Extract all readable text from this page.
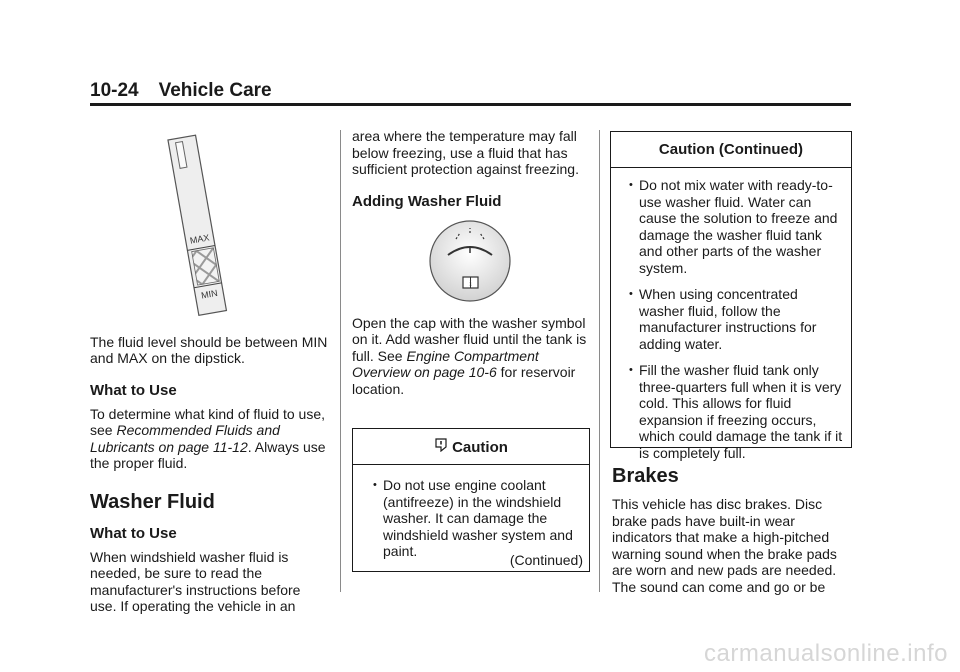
10-24 Vehicle Care
MAX
MIN

The fluid level should be between MIN and MAX on the dipstick.

What to Use

To determine what kind of fluid to use, see Recommended Fluids and Lubricants on page 11-12. Always use the proper fluid.

Washer Fluid
What to Use

When windshield washer fluid is needed, be sure to read the manufacturer's instructions before use. If operating the vehicle in an

area where the temperature may fall below freezing, use a fluid that has sufficient protection against freezing.

Adding Washer Fluid
i

Open the cap with the washer symbol on it. Add washer fluid until the tank is full. See Engine Compartment Overview on page 10-6 for reservoir location.

Caution
• Do not use engine coolant (antifreeze) in the windshield washer. It can damage the windshield washer system and paint.
(Continued)
Caution (Continued)
• Do not mix water with ready-to-use washer fluid. Water can cause the solution to freeze and damage the washer fluid tank and other parts of the washer system.
• When using concentrated washer fluid, follow the manufacturer instructions for adding water.
• Fill the washer fluid tank only three-quarters full when it is very cold. This allows for fluid expansion if freezing occurs, which could damage the tank if it is completely full.
Brakes

This vehicle has disc brakes. Disc brake pads have built-in wear indicators that make a high-pitched warning sound when the brake pads are worn and new pads are needed. The sound can come and go or be

carmanualsonline.info
